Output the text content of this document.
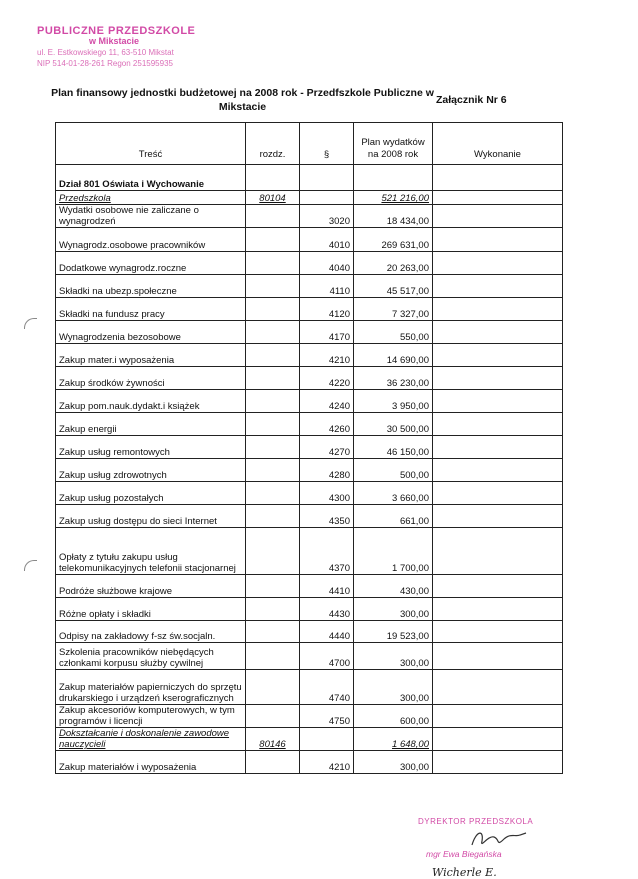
PUBLICZNE PRZEDSZKOLE
w Mikstacie
ul. E. Estkowskiego 11, 63-510 Mikstat
NIP 514-01-28-261 Regon 251595935
Plan finansowy jednostki budżetowej na 2008 rok - Przedfszkole Publiczne w Mikstacie
Załącznik Nr 6
Treść	rozdz.	§	Plan wydatków na 2008 rok	Wykonanie
Dział 801 Oświata i Wychowanie				
Przedszkola	80104		521 216,00	
Wydatki osobowe nie zaliczane o wynagrodzeń		3020	18 434,00	
Wynagrodz.osobowe pracowników		4010	269 631,00	
Dodatkowe wynagrodz.roczne		4040	20 263,00	
Składki na ubezp.społeczne		4110	45 517,00	
Składki na fundusz pracy		4120	7 327,00	
Wynagrodzenia bezosobowe		4170	550,00	
Zakup mater.i wyposażenia		4210	14 690,00	
Zakup środków żywności		4220	36 230,00	
Zakup pom.nauk.dydakt.i książek		4240	3 950,00	
Zakup energii		4260	30 500,00	
Zakup usług remontowych		4270	46 150,00	
Zakup usług zdrowotnych		4280	500,00	
Zakup usług pozostałych		4300	3 660,00	
Zakup usług dostępu do sieci Internet		4350	661,00	
Opłaty z tytułu zakupu usług telekomunikacyjnych telefonii stacjonarnej		4370	1 700,00	
Podróże służbowe krajowe		4410	430,00	
Różne opłaty i składki		4430	300,00	
Odpisy na zakładowy f-sz św.socjaln.		4440	19 523,00	
Szkolenia pracowników niebędących członkami korpusu służby cywilnej		4700	300,00	
Zakup materiałów papierniczych do sprzętu drukarskiego i urządzeń kserograficznych		4740	300,00	
Zakup akcesoriów komputerowych, w tym programów i licencji		4750	600,00	
Dokształcanie i doskonalenie zawodowe nauczycieli	80146		1 648,00	
Zakup materiałów i wyposażenia		4210	300,00	
DYREKTOR PRZEDSZKOLA
mgr Ewa Biegańska
Wicherle E.
